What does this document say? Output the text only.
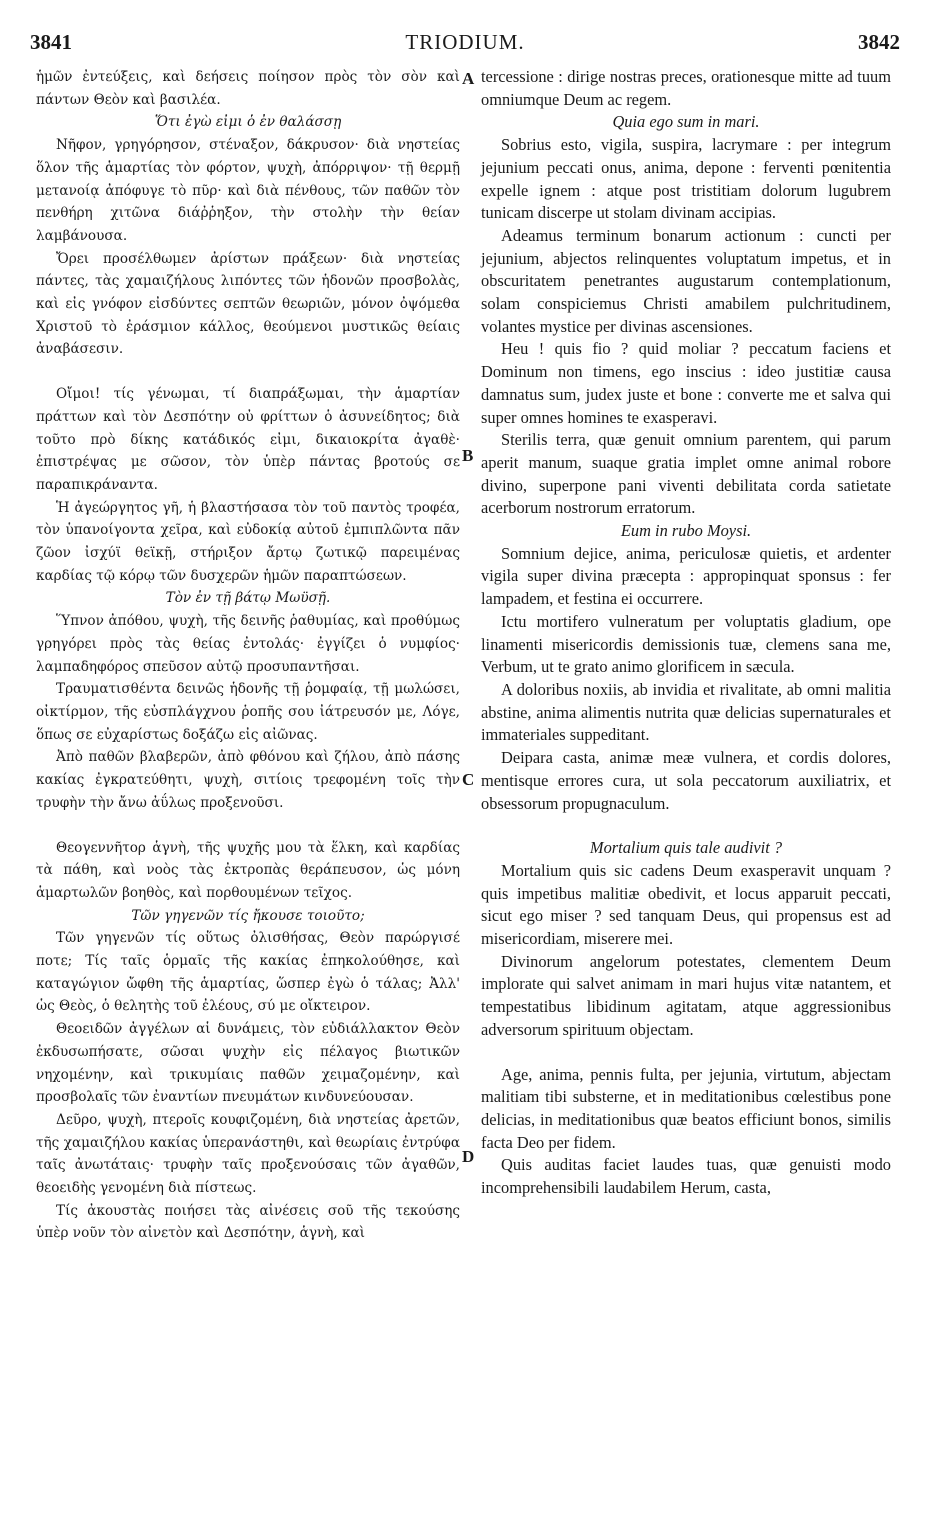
3841	TRIODIUM.	3842
A
B
C
D

ἡμῶν ἐντεύξεις, καὶ δεήσεις ποίησον πρὸς τὸν σὸν καὶ πάντων Θεὸν καὶ βασιλέα.

Ὅτι ἐγὼ εἰμι ὁ ἐν θαλάσσῃ

Νῆφον, γρηγόρησον, στέναξον, δάκρυσον· διὰ νηστείας ὅλον τῆς ἁμαρτίας τὸν φόρτον, ψυχὴ, ἀπόρριψον· τῇ θερμῇ μετανοίᾳ ἀπόφυγε τὸ πῦρ· καὶ διὰ πένθους, τῶν παθῶν τὸν πενθήρη χιτῶνα διάῤῥηξον, τὴν στολὴν τὴν θείαν λαμβάνουσα.

Ὄρει προσέλθωμεν ἀρίστων πράξεων· διὰ νηστείας πάντες, τὰς χαμαιζήλους λιπόντες τῶν ἡδονῶν προσβολὰς, καὶ εἰς γνόφον εἰσδύντες σεπτῶν θεωριῶν, μόνον ὀψόμεθα Χριστοῦ τὸ ἐράσμιον κάλλος, θεούμενοι μυστικῶς θείαις ἀναβάσεσιν.

Οἴμοι! τίς γένωμαι, τί διαπράξωμαι, τὴν ἁμαρτίαν πράττων καὶ τὸν Δεσπότην οὐ φρίττων ὁ ἀσυνείδητος; διὰ τοῦτο πρὸ δίκης κατάδικός εἰμι, δικαιοκρίτα ἀγαθὲ· ἐπιστρέψας με σῶσον, τὸν ὑπὲρ πάντας βροτούς σε παραπικράναντα.

Ἡ ἀγεώργητος γῆ, ἡ βλαστήσασα τὸν τοῦ παντὸς τροφέα, τὸν ὑπανοίγοντα χεῖρα, καὶ εὐδοκίᾳ αὐτοῦ ἐμπιπλῶντα πᾶν ζῶον ἰσχύϊ θεϊκῇ, στήριξον ἄρτῳ ζωτικῷ παρειμένας καρδίας τῷ κόρῳ τῶν δυσχερῶν ἡμῶν παραπτώσεων.

Τὸν ἐν τῇ βάτῳ Μωϋσῇ.

Ὕπνον ἀπόθου, ψυχὴ, τῆς δεινῆς ῥαθυμίας, καὶ προθύμως γρηγόρει πρὸς τὰς θείας ἐντολάς· ἐγγίζει ὁ νυμφίος· λαμπαδηφόρος σπεῦσον αὐτῷ προσυπαντῆσαι.

Τραυματισθέντα δεινῶς ἡδονῆς τῇ ῥομφαίᾳ, τῇ μωλώσει, οἰκτίρμον, τῆς εὐσπλάγχνου ῥοπῆς σου ἰάτρευσόν με, Λόγε, ὅπως σε εὐχαρίστως δοξάζω εἰς αἰῶνας.

Ἀπὸ παθῶν βλαβερῶν, ἀπὸ φθόνου καὶ ζήλου, ἀπὸ πάσης κακίας ἐγκρατεύθητι, ψυχὴ, σιτίοις τρεφομένη τοῖς τὴν τρυφὴν τὴν ἄνω ἀΰλως προξενοῦσι.

Θεογεννῆτορ ἁγνὴ, τῆς ψυχῆς μου τὰ ἕλκη, καὶ καρδίας τὰ πάθη, καὶ νοὸς τὰς ἐκτροπὰς θεράπευσον, ὡς μόνη ἁμαρτωλῶν βοηθὸς, καὶ πορθουμένων τεῖχος.

Τῶν γηγενῶν τίς ἤκουσε τοιοῦτο;

Τῶν γηγενῶν τίς οὕτως ὀλισθήσας, Θεὸν παρώργισέ ποτε; Τίς ταῖς ὁρμαῖς τῆς κακίας ἐπηκολούθησε, καὶ καταγώγιον ὤφθη τῆς ἁμαρτίας, ὥσπερ ἐγὼ ὁ τάλας; Ἀλλ' ὡς Θεὸς, ὁ θελητὴς τοῦ ἐλέους, σύ με οἴκτειρον.

Θεοειδῶν ἀγγέλων αἱ δυνάμεις, τὸν εὐδιάλλακτον Θεὸν ἐκδυσωπήσατε, σῶσαι ψυχὴν εἰς πέλαγος βιωτικῶν νηχομένην, καὶ τρικυμίαις παθῶν χειμαζομένην, καὶ προσβολαῖς τῶν ἐναντίων πνευμάτων κινδυνεύουσαν.

Δεῦρο, ψυχὴ, πτεροῖς κουφιζομένη, διὰ νηστείας ἀρετῶν, τῆς χαμαιζήλου κακίας ὑπερανάστηθι, καὶ θεωρίαις ἐντρύφα ταῖς ἀνωτάταις· τρυφὴν ταῖς προξενούσαις τῶν ἀγαθῶν, θεοειδὴς γενομένη διὰ πίστεως.

Τίς ἀκουστὰς ποιήσει τὰς αἰνέσεις σοῦ τῆς τεκούσης ὑπὲρ νοῦν τὸν αἰνετὸν καὶ Δεσπότην, ἁγνὴ, καὶ

tercessione : dirige nostras preces, orationesque mitte ad tuum omniumque Deum ac regem.

Quia ego sum in mari.

Sobrius esto, vigila, suspira, lacrymare : per integrum jejunium peccati onus, anima, depone : ferventi pœnitentia expelle ignem : atque post tristitiam dolorum lugubrem tunicam discerpe ut stolam divinam accipias.

Adeamus terminum bonarum actionum : cuncti per jejunium, abjectos relinquentes voluptatum impetus, et in obscuritatem penetrantes augustarum contemplationum, solam conspiciemus Christi amabilem pulchritudinem, volantes mystice per divinas ascensiones.

Heu ! quis fio ? quid moliar ? peccatum faciens et Dominum non timens, ego inscius : ideo justitiæ causa damnatus sum, judex juste et bone : converte me et salva qui super omnes homines te exasperavi.

Sterilis terra, quæ genuit omnium parentem, qui parum aperit manum, suaque gratia implet omne animal robore divino, superpone pani viventi debilitata corda satietate acerborum nostrorum erratorum.

Eum in rubo Moysi.

Somnium dejice, anima, periculosæ quietis, et ardenter vigila super divina præcepta : appropinquat sponsus : fer lampadem, et festina ei occurrere.

Ictu mortifero vulneratum per voluptatis gladium, ope linamenti misericordis demissionis tuæ, clemens sana me, Verbum, ut te grato animo glorificem in sæcula.

A doloribus noxiis, ab invidia et rivalitate, ab omni malitia abstine, anima alimentis nutrita quæ delicias supernaturales et immateriales suppeditant.

Deipara casta, animæ meæ vulnera, et cordis dolores, mentisque errores cura, ut sola peccatorum auxiliatrix, et obsessorum propugnaculum.

Mortalium quis tale audivit ?

Mortalium quis sic cadens Deum exasperavit unquam ? quis impetibus malitiæ obedivit, et locus apparuit peccati, sicut ego miser ? sed tanquam Deus, qui propensus est ad misericordiam, miserere mei.

Divinorum angelorum potestates, clementem Deum implorate qui salvet animam in mari hujus vitæ natantem, et tempestatibus libidinum agitatam, atque aggressionibus adversorum spirituum objectam.

Age, anima, pennis fulta, per jejunia, virtutum, abjectam malitiam tibi substerne, et in meditationibus cœlestibus pone delicias, in meditationibus quæ beatos efficiunt bonos, similis facta Deo per fidem.

Quis auditas faciet laudes tuas, quæ genuisti modo incomprehensibili laudabilem Herum, casta,
